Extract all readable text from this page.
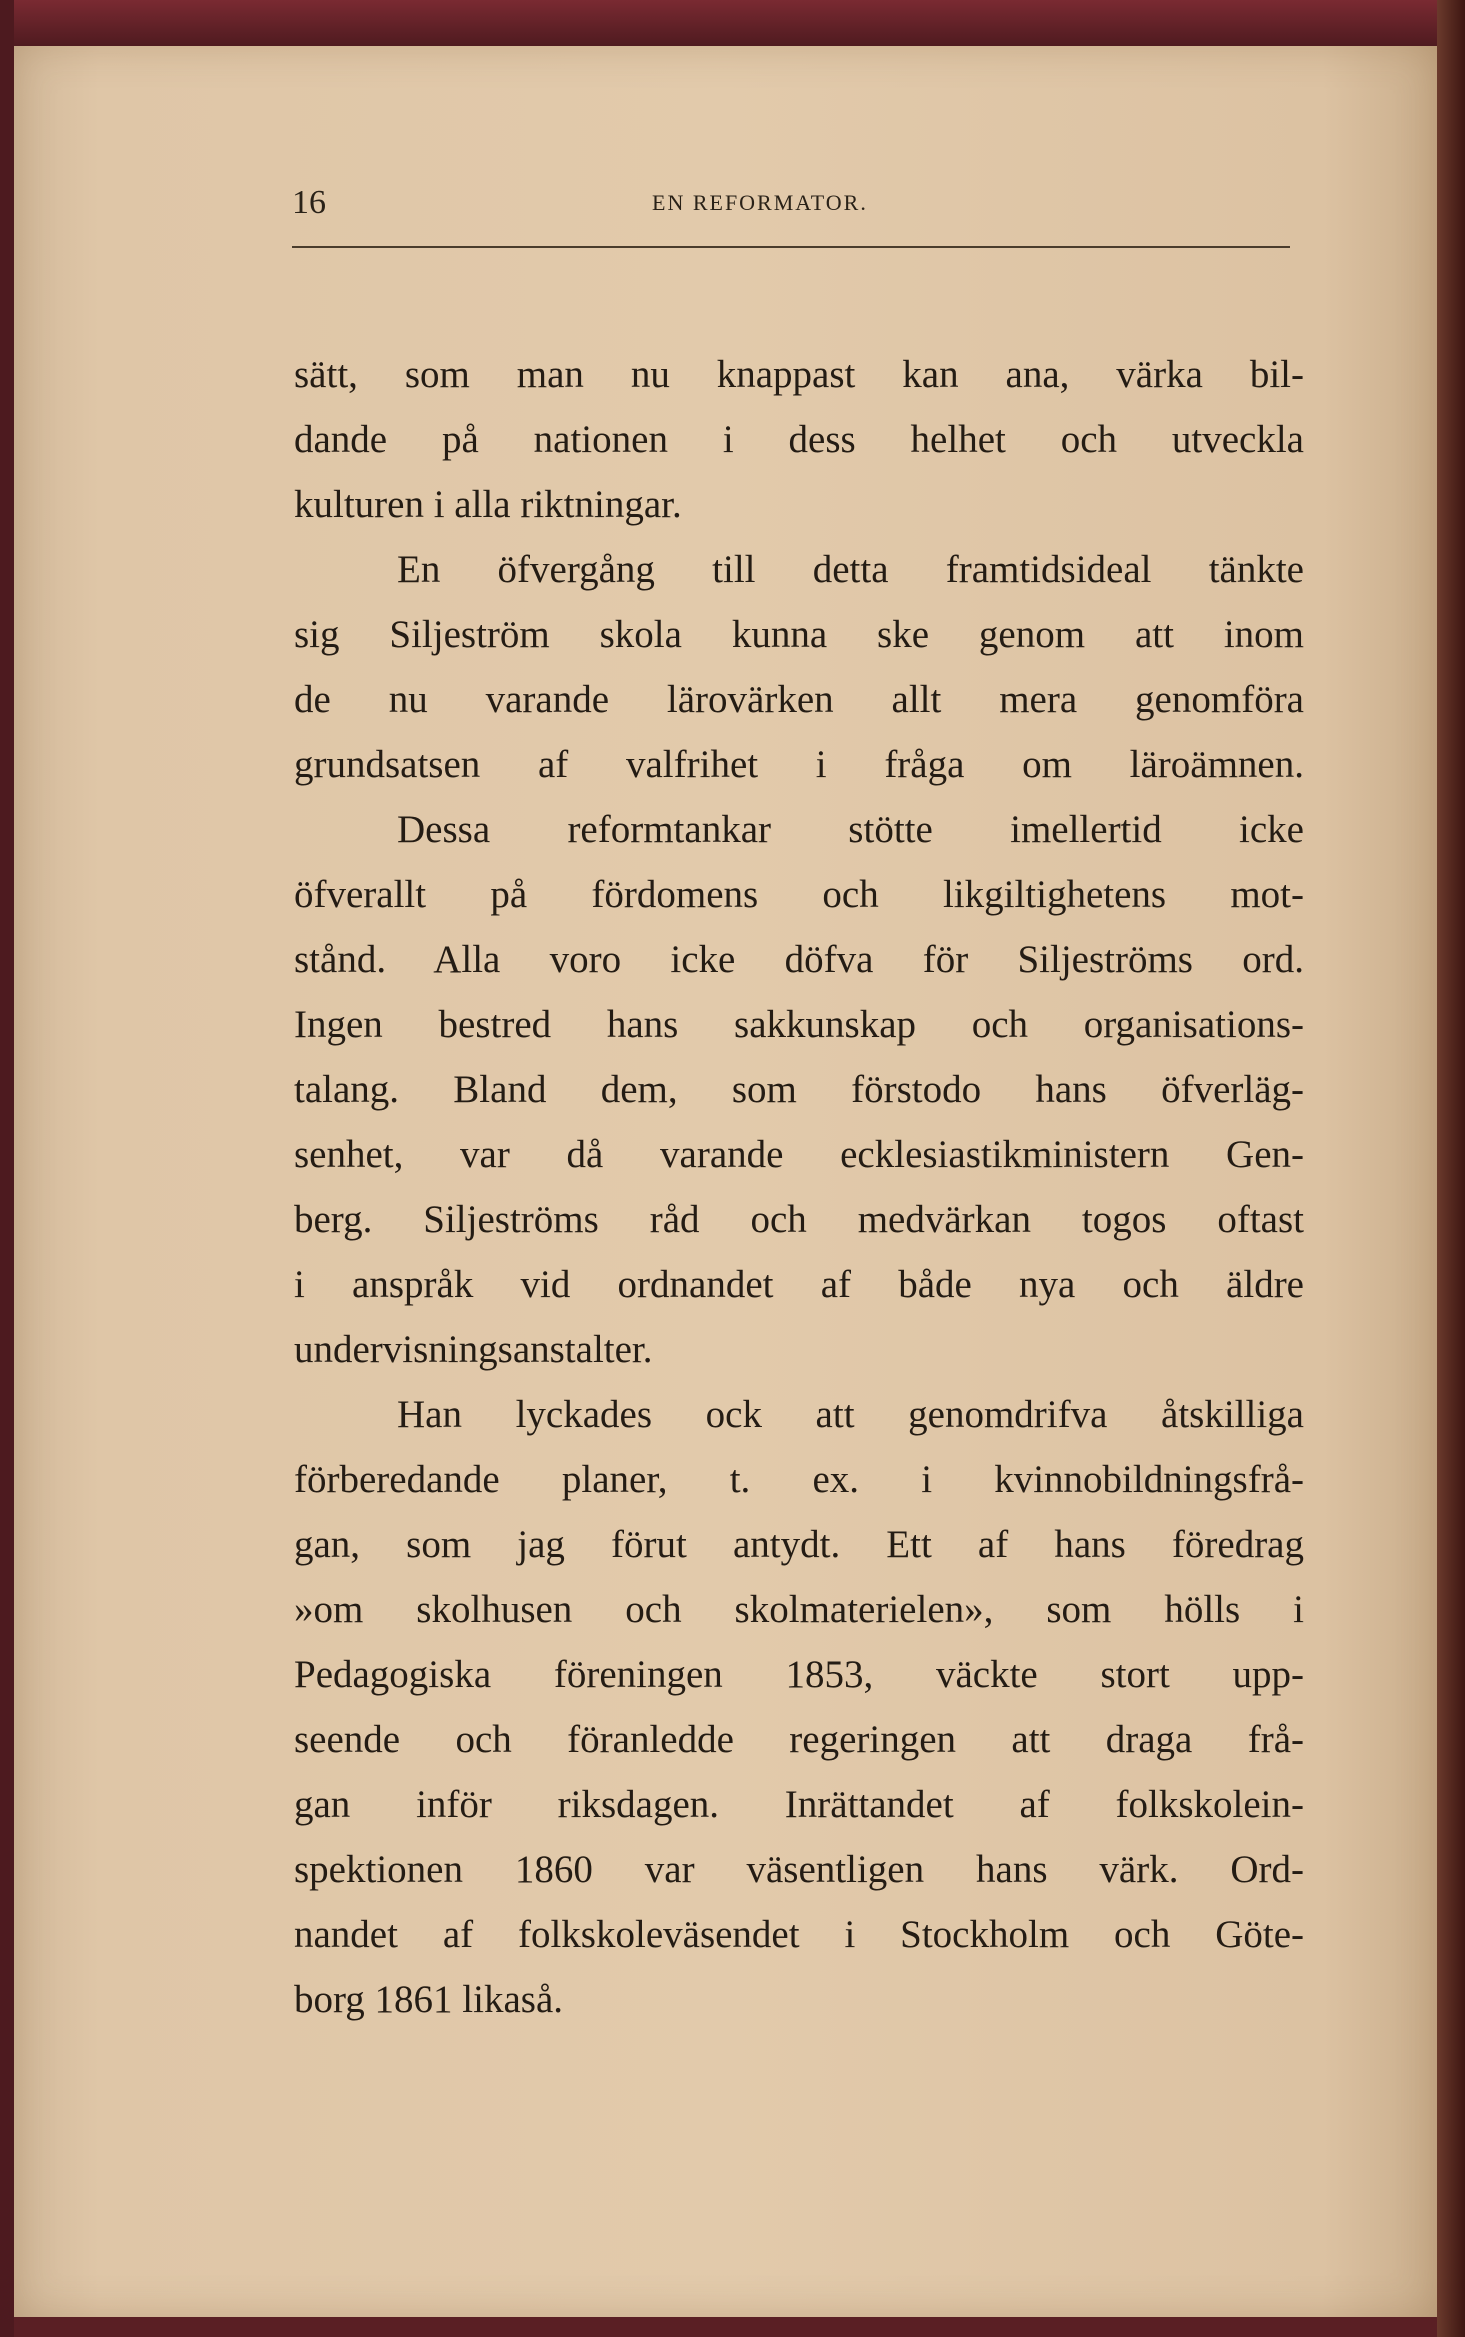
16	EN REFORMATOR.
sätt, som man nu knappast kan ana, värka bil-
dande på nationen i dess helhet och utveckla
kulturen i alla riktningar.
En öfvergång till detta framtidsideal tänkte
sig Siljeström skola kunna ske genom att inom
de nu varande lärovärken allt mera genomföra
grundsatsen af valfrihet i fråga om läroämnen.
Dessa reformtankar stötte imellertid icke
öfverallt på fördomens och likgiltighetens mot-
stånd. Alla voro icke döfva för Siljeströms ord.
Ingen bestred hans sakkunskap och organisations-
talang. Bland dem, som förstodo hans öfverläg-
senhet, var då varande ecklesiastikministern Gen-
berg. Siljeströms råd och medvärkan togos oftast
i anspråk vid ordnandet af både nya och äldre
undervisningsanstalter.
Han lyckades ock att genomdrifva åtskilliga
förberedande planer, t. ex. i kvinnobildningsfrå-
gan, som jag förut antydt. Ett af hans föredrag
»om skolhusen och skolmaterielen», som hölls i
Pedagogiska föreningen 1853, väckte stort upp-
seende och föranledde regeringen att draga frå-
gan inför riksdagen. Inrättandet af folkskolein-
spektionen 1860 var väsentligen hans värk. Ord-
nandet af folkskoleväsendet i Stockholm och Göte-
borg 1861 likaså.
